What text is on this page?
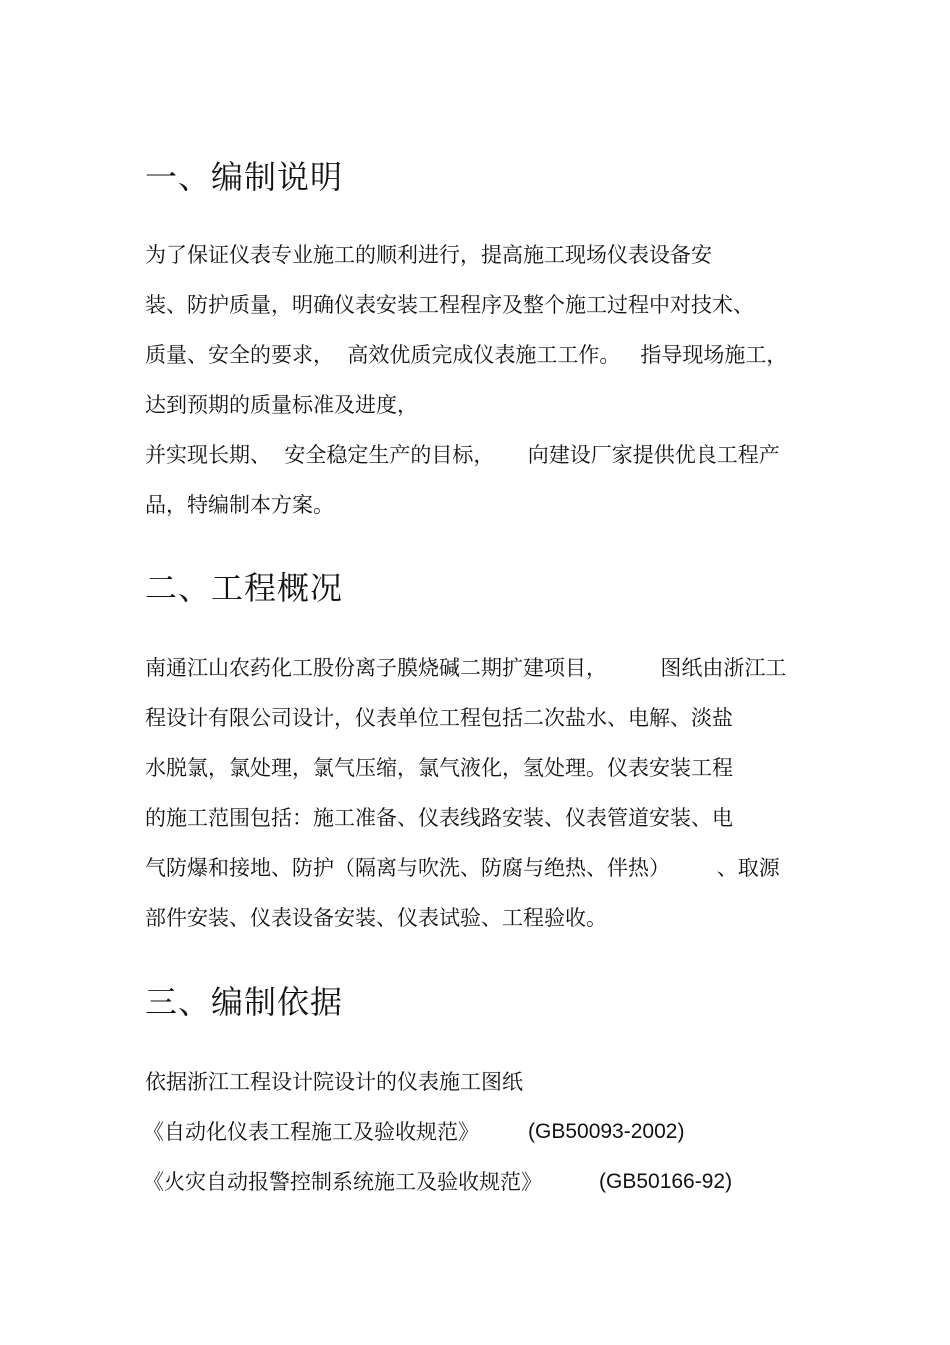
一、编制说明
为了保证仪表专业施工的顺利进行，提高施工现场仪表设备安
装、防护质量，明确仪表安装工程程序及整个施工过程中对技术、
质量、安全的要求，  高效优质完成仪表施工工作。   指导现场施工，
达到预期的质量标准及进度，
并实现长期、  安全稳定生产的目标，     向建设厂家提供优良工程产
品，特编制本方案。
二、工程概况
南通江山农药化工股份离子膜烧碱二期扩建项目，        图纸由浙江工
程设计有限公司设计，仪表单位工程包括二次盐水、电解、淡盐
水脱氯，氯处理，氯气压缩，氯气液化，氢处理。仪表安装工程
的施工范围包括：施工准备、仪表线路安装、仪表管道安装、电
气防爆和接地、防护（隔离与吹洗、防腐与绝热、伴热）       、取源
部件安装、仪表设备安装、仪表试验、工程验收。
三、编制依据
依据浙江工程设计院设计的仪表施工图纸
《自动化仪表工程施工及验收规范》 (GB50093-2002)
《火灾自动报警控制系统施工及验收规范》	(GB50166-92)
